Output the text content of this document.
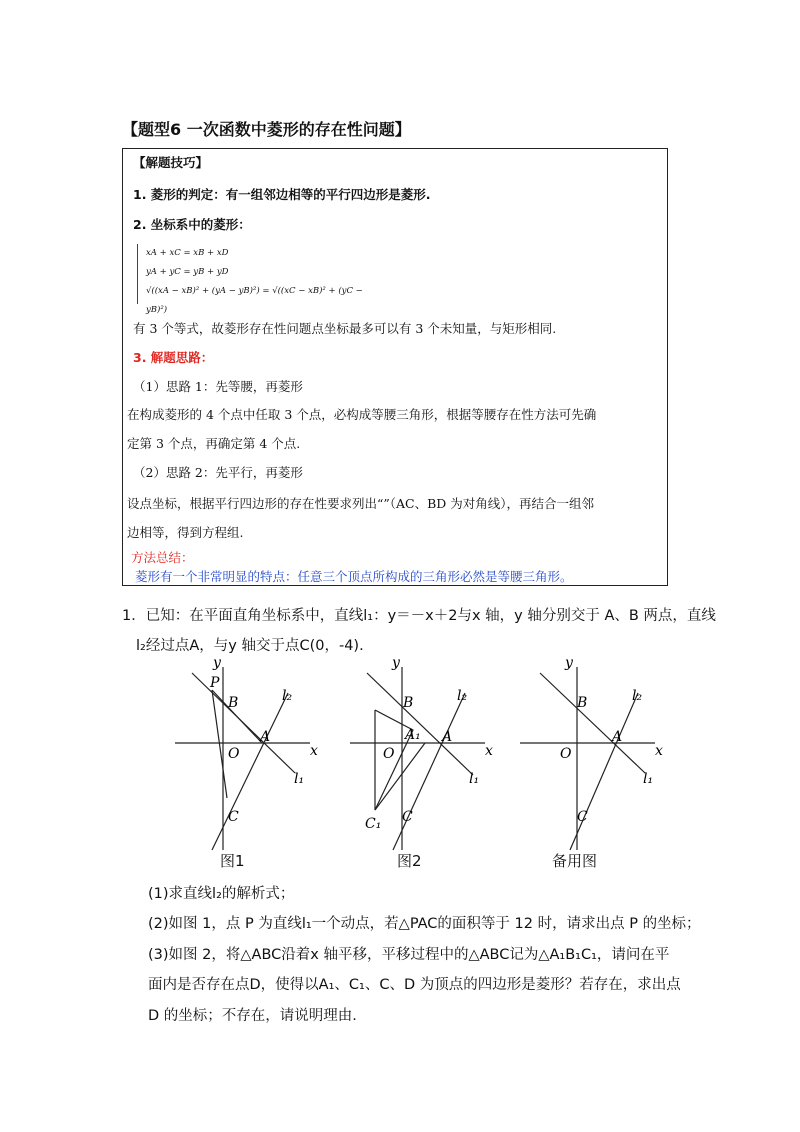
【题型6 一次函数中菱形的存在性问题】
【解题技巧】
1. 菱形的判定：有一组邻边相等的平行四边形是菱形.
2. 坐标系中的菱形：
xA + xC = xB + xD
yA + yC = yB + yD
√((xA − xB)² + (yA − yB)²) = √((xC − xB)² + (yC − yB)²)
有 3 个等式，故菱形存在性问题点坐标最多可以有 3 个未知量，与矩形相同.
3. 解题思路：
（1）思路 1：先等腰，再菱形
在构成菱形的 4 个点中任取 3 个点，必构成等腰三角形，根据等腰存在性方法可先确
定第 3 个点，再确定第 4 个点.
（2）思路 2：先平行，再菱形
设点坐标，根据平行四边形的存在性要求列出“”（AC、BD 为对角线），再结合一组邻
边相等，得到方程组.
方法总结：
菱形有一个非常明显的特点：任意三个顶点所构成的三角形必然是等腰三角形。
1．已知：在平面直角坐标系中，直线l₁：y＝－x＋2与x 轴，y 轴分别交于 A、B 两点，直线
l₂经过点A，与y 轴交于点C(0，-4).
x
y
O
A
B
C
P
l₁
l₂
图1
x
y
O
A
A₁
B
C
C₁
l₁
l₂
图2
x
y
O
A
B
C
l₁
l₂
备用图
(1)求直线l₂的解析式；
(2)如图 1，点 P 为直线l₁一个动点，若△PAC的面积等于 12 时，请求出点 P 的坐标；
(3)如图 2，将△ABC沿着x 轴平移，平移过程中的△ABC记为△A₁B₁C₁，请问在平
面内是否存在点D，使得以A₁、C₁、C、D 为顶点的四边形是菱形？若存在，求出点
D 的坐标；不存在，请说明理由.
